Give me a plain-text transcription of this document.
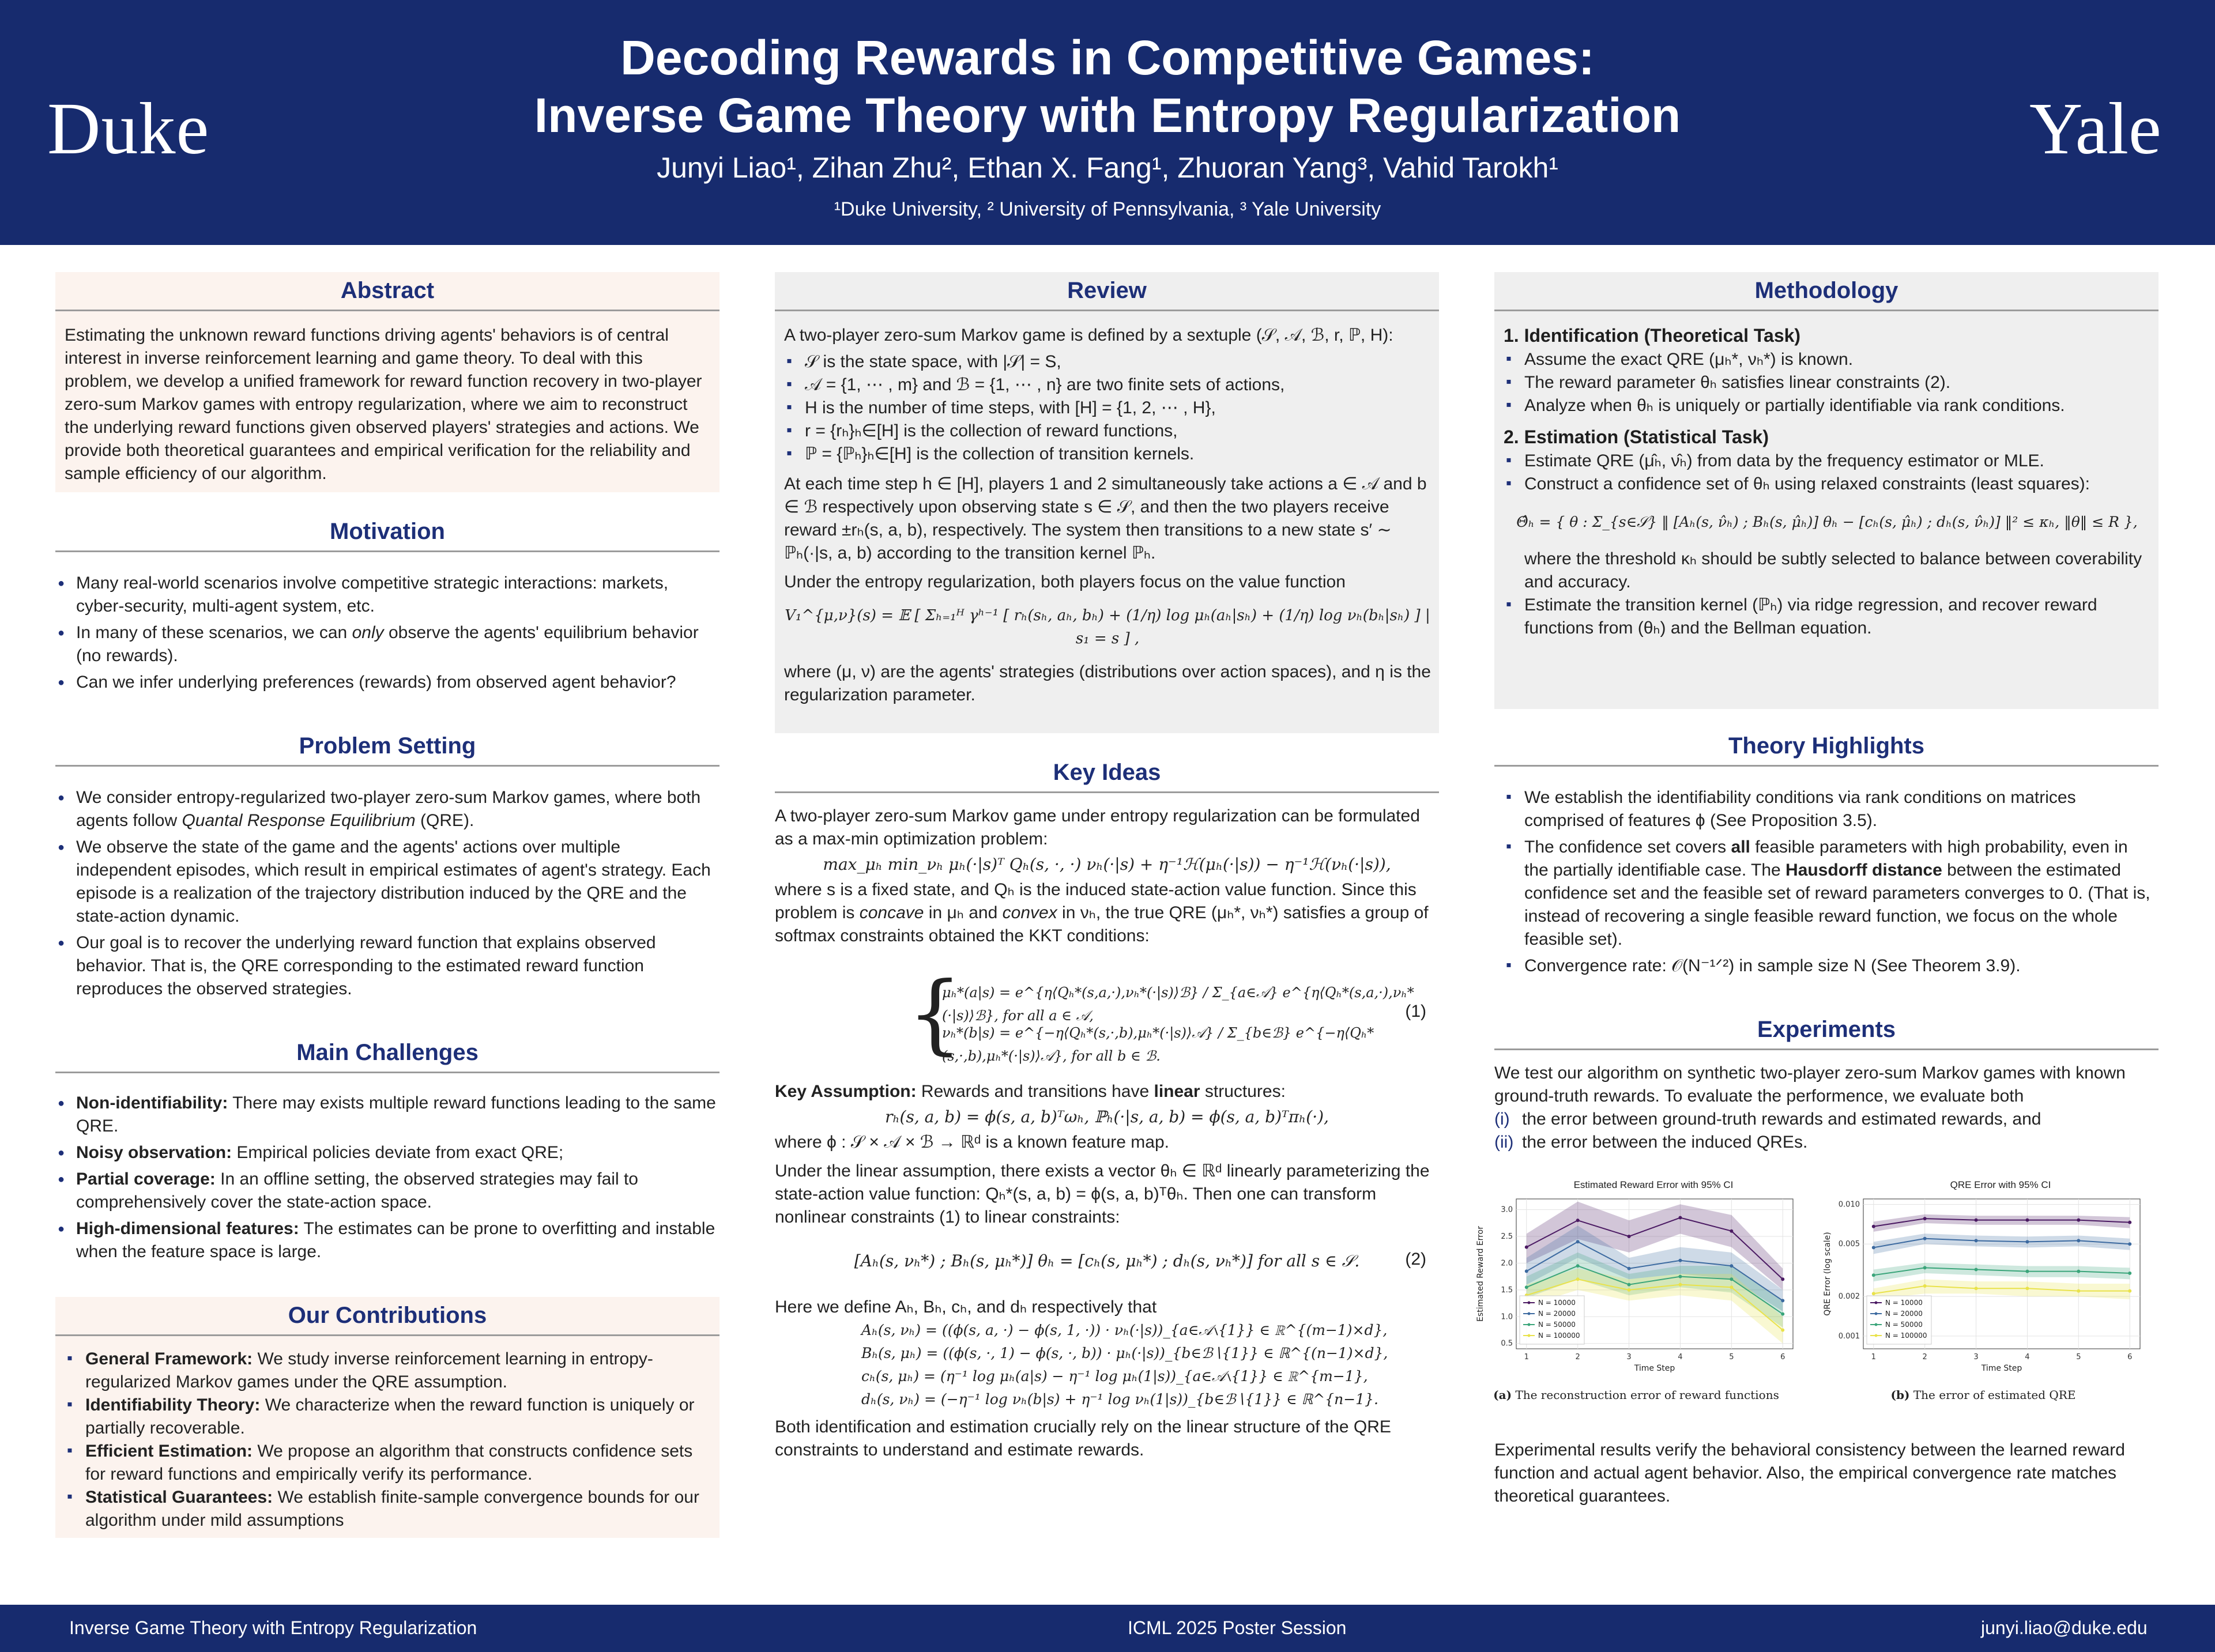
Duke
Decoding Rewards in Competitive Games:
Inverse Game Theory with Entropy Regularization
Junyi Liao¹, Zihan Zhu², Ethan X. Fang¹, Zhuoran Yang³, Vahid Tarokh¹
¹Duke University, ² University of Pennsylvania, ³ Yale University
Yale
Abstract
Estimating the unknown reward functions driving agents' behaviors is of central interest in inverse reinforcement learning and game theory. To deal with this problem, we develop a unified framework for reward function recovery in two-player zero-sum Markov games with entropy regularization, where we aim to reconstruct the underlying reward functions given observed players' strategies and actions. We provide both theoretical guarantees and empirical verification for the reliability and sample efficiency of our algorithm.
Motivation
● Many real-world scenarios involve competitive strategic interactions: markets, cyber-security, multi-agent system, etc.
● In many of these scenarios, we can only observe the agents' equilibrium behavior (no rewards).
● Can we infer underlying preferences (rewards) from observed agent behavior?
Problem Setting
● We consider entropy-regularized two-player zero-sum Markov games, where both agents follow Quantal Response Equilibrium (QRE).
● We observe the state of the game and the agents' actions over multiple independent episodes, which result in empirical estimates of agent's strategy. Each episode is a realization of the trajectory distribution induced by the QRE and the state-action dynamic.
● Our goal is to recover the underlying reward function that explains observed behavior. That is, the QRE corresponding to the estimated reward function reproduces the observed strategies.
Main Challenges
● Non-identifiability: There may exists multiple reward functions leading to the same QRE.
● Noisy observation: Empirical policies deviate from exact QRE;
● Partial coverage: In an offline setting, the observed strategies may fail to comprehensively cover the state-action space.
● High-dimensional features: The estimates can be prone to overfitting and instable when the feature space is large.
Our Contributions
▪ General Framework: We study inverse reinforcement learning in entropy-regularized Markov games under the QRE assumption.
▪ Identifiability Theory: We characterize when the reward function is uniquely or partially recoverable.
▪ Efficient Estimation: We propose an algorithm that constructs confidence sets for reward functions and empirically verify its performance.
▪ Statistical Guarantees: We establish finite-sample convergence bounds for our algorithm under mild assumptions
Review
A two-player zero-sum Markov game is defined by a sextuple (𝒮, 𝒜, ℬ, r, ℙ, H):
▪ 𝒮 is the state space, with |𝒮| = S,
▪ 𝒜 = {1, ⋯ , m} and ℬ = {1, ⋯ , n} are two finite sets of actions,
▪ H is the number of time steps, with [H] = {1, 2, ⋯ , H},
▪ r = {rₕ}ₕ∈[H] is the collection of reward functions,
▪ ℙ = {ℙₕ}ₕ∈[H] is the collection of transition kernels.
At each time step h ∈ [H], players 1 and 2 simultaneously take actions a ∈ 𝒜 and b ∈ ℬ respectively upon observing state s ∈ 𝒮, and then the two players receive reward ±rₕ(s, a, b), respectively. The system then transitions to a new state s′ ∼ ℙₕ(·|s, a, b) according to the transition kernel ℙₕ.
Under the entropy regularization, both players focus on the value function
V₁^{μ,ν}(s) = 𝔼 [ Σₕ₌₁ᴴ γʰ⁻¹ [ rₕ(sₕ, aₕ, bₕ) + (1/η) log μₕ(aₕ|sₕ) + (1/η) log νₕ(bₕ|sₕ) ] | s₁ = s ] ,
where (μ, ν) are the agents' strategies (distributions over action spaces), and η is the regularization parameter.
Key Ideas
A two-player zero-sum Markov game under entropy regularization can be formulated as a max-min optimization problem:
max_μₕ min_νₕ μₕ(·|s)ᵀ Qₕ(s, ·, ·) νₕ(·|s) + η⁻¹ℋ(μₕ(·|s)) − η⁻¹ℋ(νₕ(·|s)),
where s is a fixed state, and Qₕ is the induced state-action value function. Since this problem is concave in μₕ and convex in νₕ, the true QRE (μₕ*, νₕ*) satisfies a group of softmax constraints obtained the KKT conditions:
{
μₕ*(a|s) = e^{η⟨Qₕ*(s,a,·),νₕ*(·|s)⟩ℬ} / Σ_{a∈𝒜} e^{η⟨Qₕ*(s,a,·),νₕ*(·|s)⟩ℬ}, for all a ∈ 𝒜,
νₕ*(b|s) = e^{−η⟨Qₕ*(s,·,b),μₕ*(·|s)⟩𝒜} / Σ_{b∈ℬ} e^{−η⟨Qₕ*(s,·,b),μₕ*(·|s)⟩𝒜}, for all b ∈ ℬ.
(1)
Key Assumption: Rewards and transitions have linear structures:
rₕ(s, a, b) = ϕ(s, a, b)ᵀωₕ, ℙₕ(·|s, a, b) = ϕ(s, a, b)ᵀπₕ(·),
where ϕ : 𝒮 × 𝒜 × ℬ → ℝᵈ is a known feature map.
Under the linear assumption, there exists a vector θₕ ∈ ℝᵈ linearly parameterizing the state-action value function: Qₕ*(s, a, b) = ϕ(s, a, b)ᵀθₕ. Then one can transform nonlinear constraints (1) to linear constraints:
[Aₕ(s, νₕ*) ; Bₕ(s, μₕ*)] θₕ = [cₕ(s, μₕ*) ; dₕ(s, νₕ*)] for all s ∈ 𝒮.	(2)
Here we define Aₕ, Bₕ, cₕ, and dₕ respectively that
Aₕ(s, νₕ) = ((ϕ(s, a, ·) − ϕ(s, 1, ·)) · νₕ(·|s))_{a∈𝒜∖{1}} ∈ ℝ^{(m−1)×d},
Bₕ(s, μₕ) = ((ϕ(s, ·, 1) − ϕ(s, ·, b)) · μₕ(·|s))_{b∈ℬ∖{1}} ∈ ℝ^{(n−1)×d},
cₕ(s, μₕ) = (η⁻¹ log μₕ(a|s) − η⁻¹ log μₕ(1|s))_{a∈𝒜∖{1}} ∈ ℝ^{m−1},
dₕ(s, νₕ) = (−η⁻¹ log νₕ(b|s) + η⁻¹ log νₕ(1|s))_{b∈ℬ∖{1}} ∈ ℝ^{n−1}.
Both identification and estimation crucially rely on the linear structure of the QRE constraints to understand and estimate rewards.
Methodology
1. Identification (Theoretical Task)
▪ Assume the exact QRE (μₕ*, νₕ*) is known.
▪ The reward parameter θₕ satisfies linear constraints (2).
▪ Analyze when θₕ is uniquely or partially identifiable via rank conditions.
2. Estimation (Statistical Task)
▪ Estimate QRE (μ̂ₕ, ν̂ₕ) from data by the frequency estimator or MLE.
▪ Construct a confidence set of θₕ using relaxed constraints (least squares):
Θ̂ₕ = { θ : Σ_{s∈𝒮} ‖ [Aₕ(s, ν̂ₕ) ; Bₕ(s, μ̂ₕ)] θₕ − [cₕ(s, μ̂ₕ) ; dₕ(s, ν̂ₕ)] ‖² ≤ κₕ, ‖θ‖ ≤ R },
where the threshold κₕ should be subtly selected to balance between coverability and accuracy.
▪ Estimate the transition kernel (ℙₕ) via ridge regression, and recover reward functions from (θₕ) and the Bellman equation.
Theory Highlights
▪ We establish the identifiability conditions via rank conditions on matrices comprised of features ϕ (See Proposition 3.5).
▪ The confidence set covers all feasible parameters with high probability, even in the partially identifiable case. The Hausdorff distance between the estimated confidence set and the feasible set of reward parameters converges to 0. (That is, instead of recovering a single feasible reward function, we focus on the whole feasible set).
▪ Convergence rate: 𝒪(N⁻¹ᐟ²) in sample size N (See Theorem 3.9).
Experiments
We test our algorithm on synthetic two-player zero-sum Markov games with known ground-truth rewards. To evaluate the performence, we evaluate both
(i) the error between ground-truth rewards and estimated rewards, and
(ii) the error between the induced QREs.
Estimated Reward Error with 95% CI
1	2	3	4	5	6
0.5
1.0
1.5
2.0
2.5
3.0
Time Step
Estimated Reward Error	N = 10000
N = 20000
N = 50000
N = 100000
(a) The reconstruction error of reward functions
QRE Error with 95% CI
1	2	3	4	5	6
0.001
0.002
0.005
0.010
Time Step
QRE Error (log scale)	N = 10000
N = 20000
N = 50000
N = 100000
(b) The error of estimated QRE
Experimental results verify the behavioral consistency between the learned reward function and actual agent behavior. Also, the empirical convergence rate matches theoretical guarantees.
Inverse Game Theory with Entropy Regularization	ICML 2025 Poster Session	junyi.liao@duke.edu
